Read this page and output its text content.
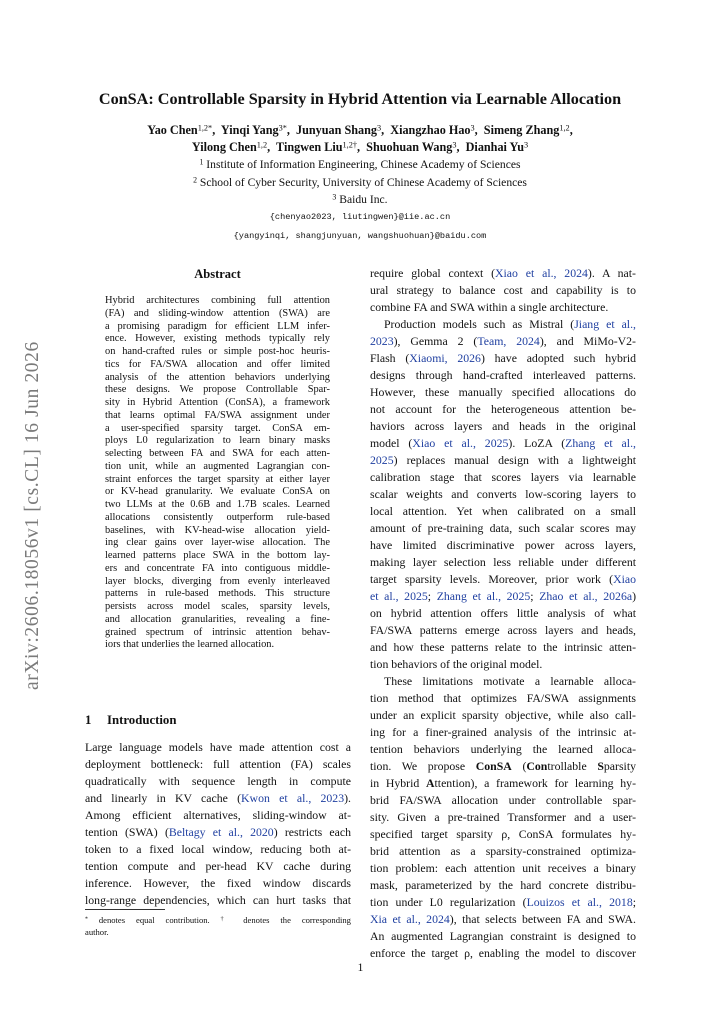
arXiv:2606.18056v1 [cs.CL] 16 Jun 2026
ConSA: Controllable Sparsity in Hybrid Attention via Learnable Allocation
Yao Chen$^{1,2*}$,  Yinqi Yang$^{3*}$,  Junyuan Shang$^3$,  Xiangzhao Hao$^3$,  Simeng Zhang$^{1,2}$,
Yilong Chen$^{1,2}$,  Tingwen Liu$^{1,2\dagger}$,  Shuohuan Wang$^3$,  Dianhai Yu$^3$
$^1$ Institute of Information Engineering, Chinese Academy of Sciences
$^2$ School of Cyber Security, University of Chinese Academy of Sciences
$^3$ Baidu Inc.
{chenyao2023, liutingwen}@iie.ac.cn
{yangyinqi, shangjunyuan, wangshuohuan}@baidu.com
Abstract
Hybrid architectures combining full attention
(FA) and sliding-window attention (SWA) are
a promising paradigm for efficient LLM infer-
ence. However, existing methods typically rely
on hand-crafted rules or simple post-hoc heuris-
tics for FA/SWA allocation and offer limited
analysis of the attention behaviors underlying
these designs. We propose Controllable Spar-
sity in Hybrid Attention (ConSA), a framework
that learns optimal FA/SWA assignment under
a user-specified sparsity target. ConSA em-
ploys L0 regularization to learn binary masks
selecting between FA and SWA for each atten-
tion unit, while an augmented Lagrangian con-
straint enforces the target sparsity at either layer
or KV-head granularity. We evaluate ConSA on
two LLMs at the 0.6B and 1.7B scales. Learned
allocations consistently outperform rule-based
baselines, with KV-head-wise allocation yield-
ing clear gains over layer-wise allocation. The
learned patterns place SWA in the bottom lay-
ers and concentrate FA into contiguous middle-
layer blocks, diverging from evenly interleaved
patterns in rule-based methods. This structure
persists across model scales, sparsity levels,
and allocation granularities, revealing a fine-
grained spectrum of intrinsic attention behav-
iors that underlies the learned allocation.
1 Introduction
Large language models have made attention cost a
deployment bottleneck: full attention (FA) scales
quadratically with sequence length in compute
and linearly in KV cache (Kwon et al., 2023).
Among efficient alternatives, sliding-window at-
tention (SWA) (Beltagy et al., 2020) restricts each
token to a fixed local window, reducing both at-
tention compute and per-head KV cache during
inference. However, the fixed window discards
long-range dependencies, which can hurt tasks that
* denotes equal contribution. † denotes the corresponding
author.
require global context (Xiao et al., 2024). A nat-
ural strategy to balance cost and capability is to
combine FA and SWA within a single architecture.
Production models such as Mistral (Jiang et al.,
2023), Gemma 2 (Team, 2024), and MiMo-V2-
Flash (Xiaomi, 2026) have adopted such hybrid
designs through hand-crafted interleaved patterns.
However, these manually specified allocations do
not account for the heterogeneous attention be-
haviors across layers and heads in the original
model (Xiao et al., 2025). LoZA (Zhang et al.,
2025) replaces manual design with a lightweight
calibration stage that scores layers via learnable
scalar weights and converts low-scoring layers to
local attention. Yet when calibrated on a small
amount of pre-training data, such scalar scores may
have limited discriminative power across layers,
making layer selection less reliable under different
target sparsity levels. Moreover, prior work (Xiao
et al., 2025; Zhang et al., 2025; Zhao et al., 2026a)
on hybrid attention offers little analysis of what
FA/SWA patterns emerge across layers and heads,
and how these patterns relate to the intrinsic atten-
tion behaviors of the original model.
These limitations motivate a learnable alloca-
tion method that optimizes FA/SWA assignments
under an explicit sparsity objective, while also call-
ing for a finer-grained analysis of the intrinsic at-
tention behaviors underlying the learned alloca-
tion. We propose ConSA (Controllable Sparsity
in Hybrid Attention), a framework for learning hy-
brid FA/SWA allocation under controllable spar-
sity. Given a pre-trained Transformer and a user-
specified target sparsity ρ, ConSA formulates hy-
brid attention as a sparsity-constrained optimiza-
tion problem: each attention unit receives a binary
mask, parameterized by the hard concrete distribu-
tion under L0 regularization (Louizos et al., 2018;
Xia et al., 2024), that selects between FA and SWA.
An augmented Lagrangian constraint is designed to
enforce the target ρ, enabling the model to discover
1
